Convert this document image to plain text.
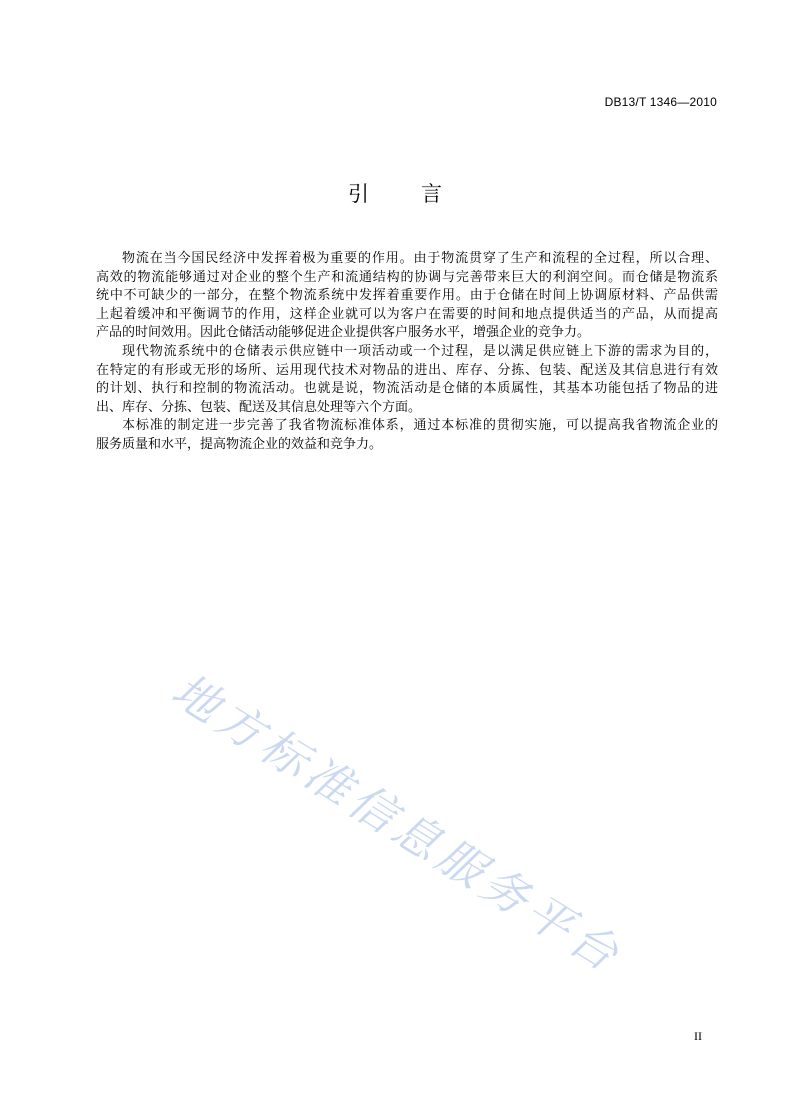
DB13/T 1346—2010
引 言
物流在当今国民经济中发挥着极为重要的作用。由于物流贯穿了生产和流程的全过程，所以合理、
高效的物流能够通过对企业的整个生产和流通结构的协调与完善带来巨大的利润空间。而仓储是物流系
统中不可缺少的一部分，在整个物流系统中发挥着重要作用。由于仓储在时间上协调原材料、产品供需
上起着缓冲和平衡调节的作用，这样企业就可以为客户在需要的时间和地点提供适当的产品，从而提高
产品的时间效用。因此仓储活动能够促进企业提供客户服务水平，增强企业的竞争力。
现代物流系统中的仓储表示供应链中一项活动或一个过程，是以满足供应链上下游的需求为目的，
在特定的有形或无形的场所、运用现代技术对物品的进出、库存、分拣、包装、配送及其信息进行有效
的计划、执行和控制的物流活动。也就是说，物流活动是仓储的本质属性，其基本功能包括了物品的进
出、库存、分拣、包装、配送及其信息处理等六个方面。
本标准的制定进一步完善了我省物流标准体系，通过本标准的贯彻实施，可以提高我省物流企业的
服务质量和水平，提高物流企业的效益和竞争力。
地方标准信息服务平台
II
